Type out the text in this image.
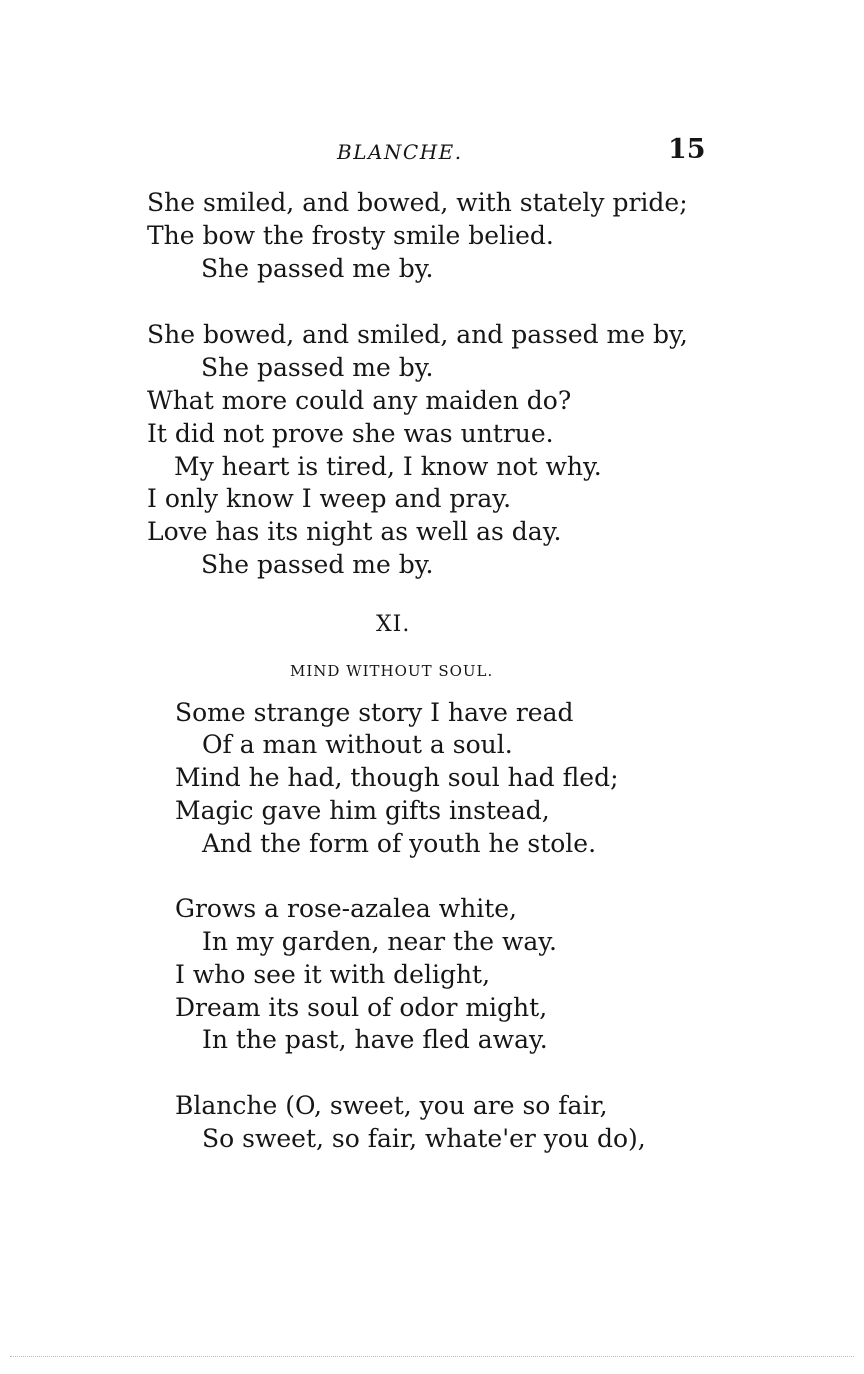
BLANCHE.	15
She smiled, and bowed, with stately pride;
The bow the frosty smile belied.
She passed me by.
She bowed, and smiled, and passed me by,
She passed me by.
What more could any maiden do?
It did not prove she was untrue.
My heart is tired, I know not why.
I only know I weep and pray.
Love has its night as well as day.
She passed me by.
XI.
MIND WITHOUT SOUL.
Some strange story I have read
Of a man without a soul.
Mind he had, though soul had fled;
Magic gave him gifts instead,
And the form of youth he stole.
Grows a rose-azalea white,
In my garden, near the way.
I who see it with delight,
Dream its soul of odor might,
In the past, have fled away.
Blanche (O, sweet, you are so fair,
So sweet, so fair, whate'er you do),
